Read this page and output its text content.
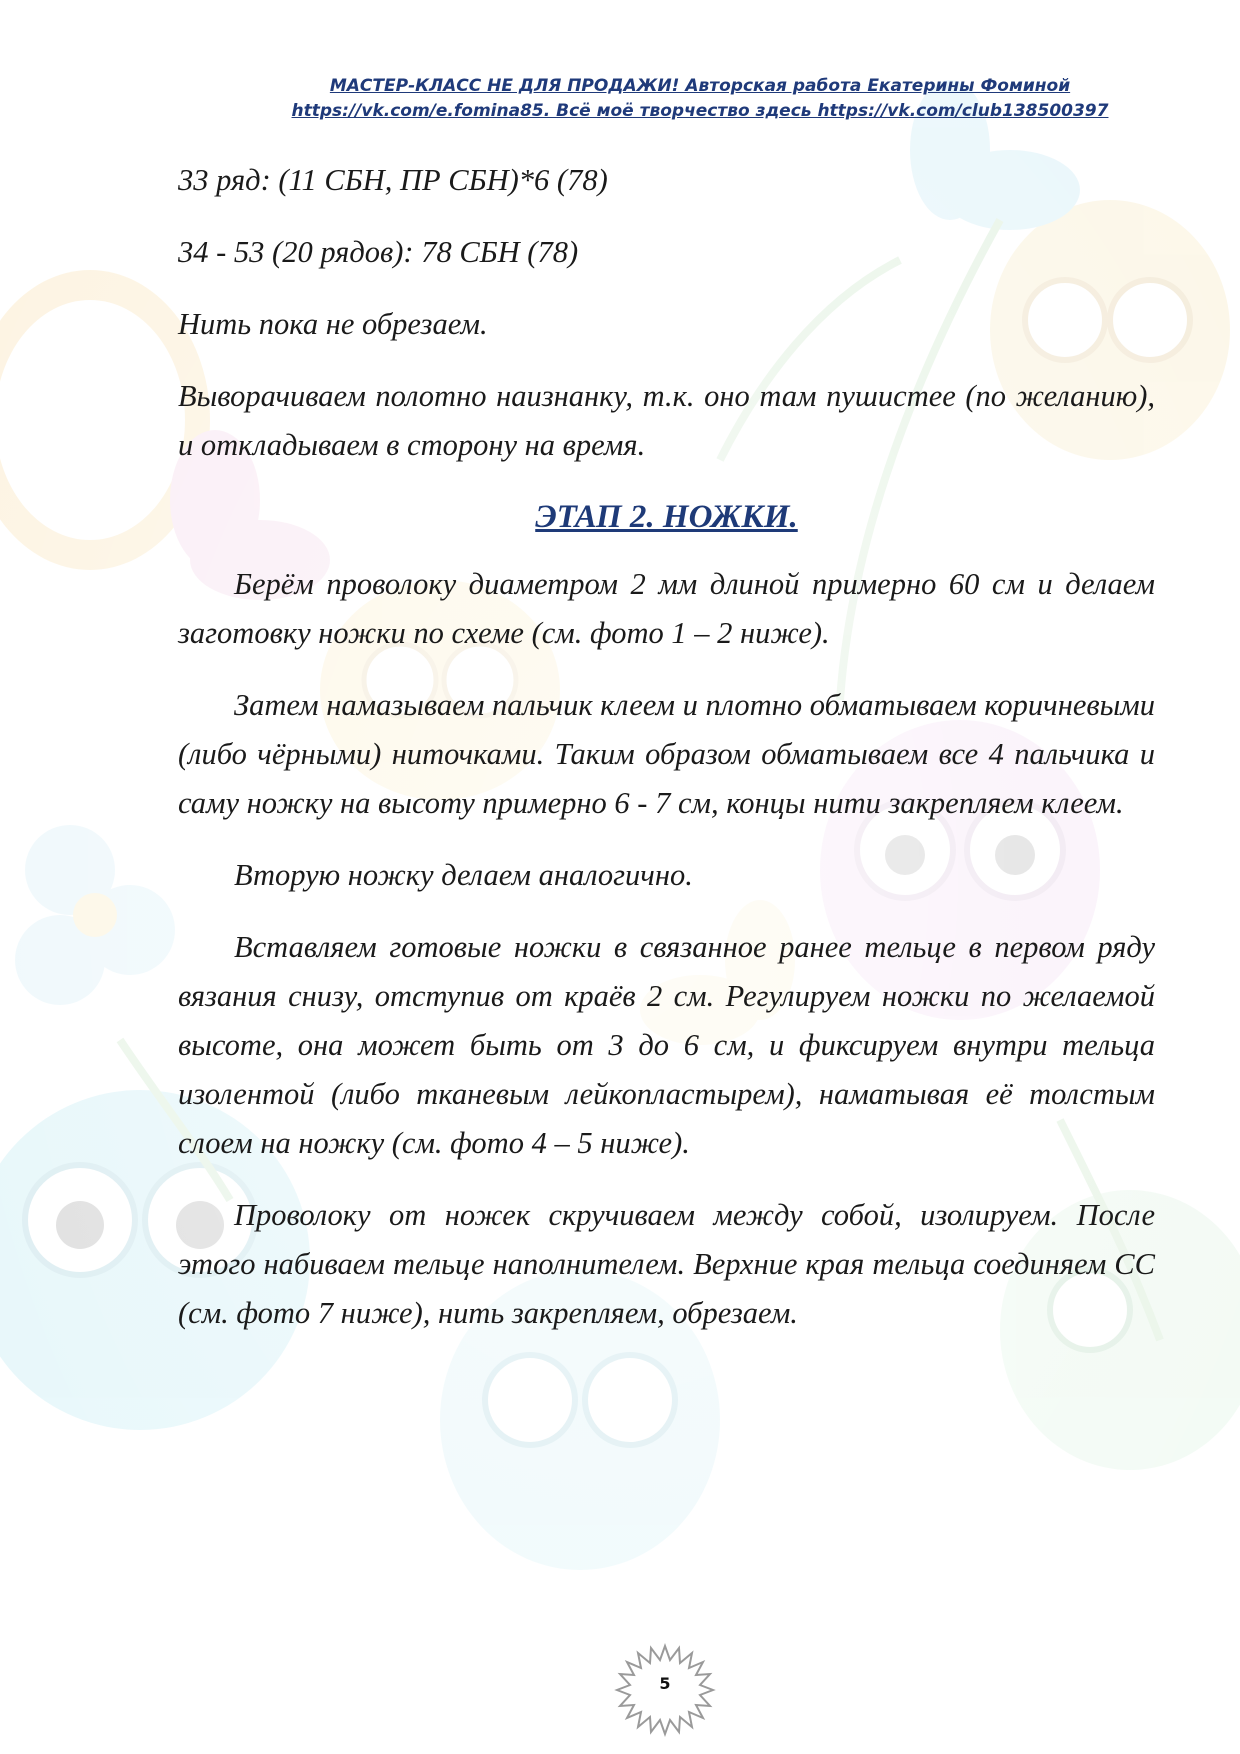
МАСТЕР-КЛАСС НЕ ДЛЯ ПРОДАЖИ! Авторская работа Екатерины Фоминой
https://vk.com/e.fomina85. Всё моё творчество здесь https://vk.com/club138500397

33 ряд: (11 СБН, ПР СБН)*6 (78)

34 - 53 (20 рядов): 78 СБН (78)

Нить пока не обрезаем.

Выворачиваем полотно наизнанку, т.к. оно там пушистее (по желанию), и откладываем в сторону на время.

ЭТАП 2. НОЖКИ.

Берём проволоку диаметром 2 мм длиной примерно 60 см и делаем заготовку ножки по схеме (см. фото 1 – 2 ниже).

Затем намазываем пальчик клеем и плотно обматываем коричневыми (либо чёрными) ниточками. Таким образом обматываем все 4 пальчика и саму ножку на высоту примерно 6 - 7 см, концы нити закрепляем клеем.

Вторую ножку делаем аналогично.

Вставляем готовые ножки в связанное ранее тельце в первом ряду вязания снизу, отступив от краёв 2 см. Регулируем ножки по желаемой высоте, она может быть от 3 до 6 см, и фиксируем внутри тельца изолентой (либо тканевым лейкопластырем), наматывая её толстым слоем на ножку (см. фото 4 – 5 ниже).

Проволоку от ножек скручиваем между собой, изолируем. После этого набиваем тельце наполнителем. Верхние края тельца соединяем СС (см. фото 7 ниже), нить закрепляем, обрезаем.

5
